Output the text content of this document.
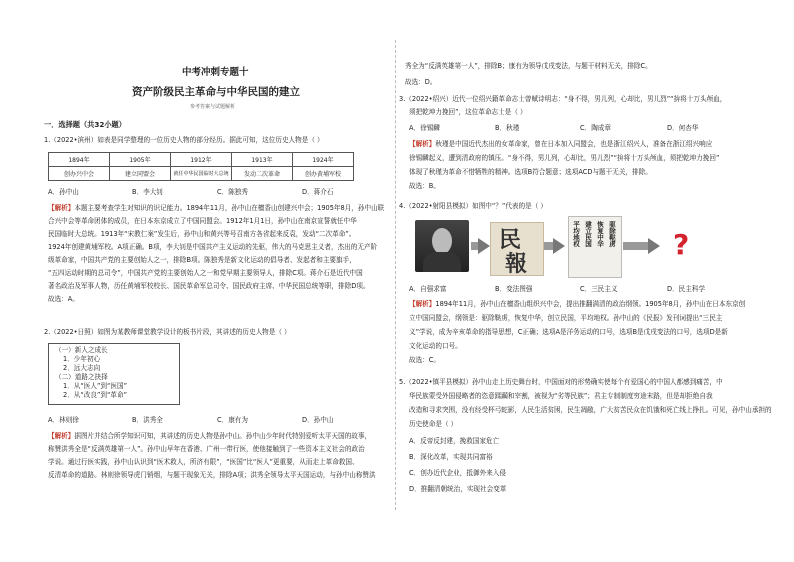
中考冲刺专题十
资产阶级民主革命与中华民国的建立
参考答案与试题解析
一．选择题（共32小题）
1.（2022•滨州）如表是同学整理的一位历史人物的部分经历。据此可知，这位历史人物是（ ）
1894年	1905年	1912年	1913年	1924年
创办兴中会	建立同盟会	就任中华民国临时大总统	发动二次革命	创办黄埔军校
A．孙中山	B．李大钊	C．陈独秀	D．蒋介石
【解析】本题主要考查学生对知识的识记能力。1894年11月，孙中山在檀香山创建兴中会；1905年8月，孙中山联
合兴中会等革命团体的成员，在日本东京成立了中国同盟会。1912年1月1日，孙中山在南京宣誓就任中华
民国临时大总统。1913年“宋教仁案”发生后，孙中山和黄兴等号召南方各省起来反袁，发动“二次革命”。
1924年创建黄埔军校。A项正确。B项，李大钊是中国共产主义运动的先驱，伟大的马克思主义者，杰出的无产阶
级革命家，中国共产党的主要创始人之一，排除B项。陈独秀是新文化运动的倡导者、发起者和主要旗手，
“五四运动时期的总司令”，中国共产党的主要创始人之一和党早期主要领导人，排除C项。蒋介石是近代中国
著名政治及军事人物，历任黄埔军校校长、国民革命军总司令、国民政府主席、中华民国总统等职，排除D项。
故选：A。
2.（2022•日照）如图为某教师课堂教学设计的板书片段，其讲述的历史人物是（ ）
（一）新人之成长
1．少年初心
2．远大志向
（二）道路之抉择
1．从“医人”到“医国”
2．从“改良”到“革命”
A．林则徐	B．洪秀全	C．康有为	D．孙中山
【解析】据图片并结合所学知识可知，其讲述的历史人物是孙中山。孙中山少年时代特别爱听太平天国的故事，
称赞洪秀全是“反满英雄第一人”。孙中山早年在香港、广州一带行医，使他接触到了一些资本主义社会的政治
学说。通过行医实践，孙中山认识到“医术救人，所济有限”，“医国”比“医人”更重要，从而走上革命救国、
反清革命的道路。林则徐领导虎门销烟，与题干现象无关，排除A项；洪秀全领导太平天国运动，与孙中山称赞洪
秀全为“反满英雄第一人”，排除B；康有为领导戊戌变法，与题干材料无关，排除C。
故选：D。
3.（2022•绍兴）近代一位绍兴籍革命志士曾赋诗明志：“身不得，男儿列，心却比，男儿烈”“拚将十万头颅血，
须把乾坤力挽回”，这位革命志士是（ ）
A．徐锡麟	B．秋瑾	C．陶成章	D．何杏华
【解析】秋瑾是中国近代杰出的女革命家，曾在日本加入同盟会，也是浙江绍兴人，准备在浙江绍兴响应
徐锡麟起义，遭到清政府的镇压。“身不得，男儿列，心却比，男儿烈”“拚将十万头颅血，须把乾坤力挽回”
体现了秋瑾为革命不惜牺牲的精神。选项B符合题意；选项ACD与题干无关，排除。
故选：B。
4.（2022•射阳县模拟）如图中“？”代表的是（ ）
民
報
驱除鞑虏
恢复中华
建立民国
平均地权	?
A．自强求富	B．变法图强	C．三民主义	D．民主科学
【解析】1894年11月，孙中山在檀香山组织兴中会，提出推翻满清的政治纲领。1905年8月，孙中山在日本东京创
立中国同盟会，纲领是：驱除鞑虏，恢复中华，创立民国，平均地权。孙中山的《民报》发刊词提出“三民主
义”学说，成为辛亥革命的指导思想，C正确；选项A是洋务运动的口号，选项B是戊戌变法的口号，选项D是新
文化运动的口号。
故选：C。
5.（2022•镇平县模拟）孙中山走上历史舞台时，中国面对的形势确实使每个有爱国心的中国人都感到痛苦，中
华民族蒙受外国侵略者的恣意蹂躏和宰割，被视为“劣等民族”；君主专制制度穷途末路，但是却拒绝自我
改造和寻求突围，没有经受杯弓蛇影，人民生活贫困，民生凋敝，广大贫苦民众在饥饿和死亡线上挣扎。可见，孙中山承担的
历史使命是（ ）
A．反帝反封建，挽救国家危亡
B．深化改革，实现共同富裕
C．创办近代企业，抵御外来入侵
D．推翻清朝统治，实现社会变革
